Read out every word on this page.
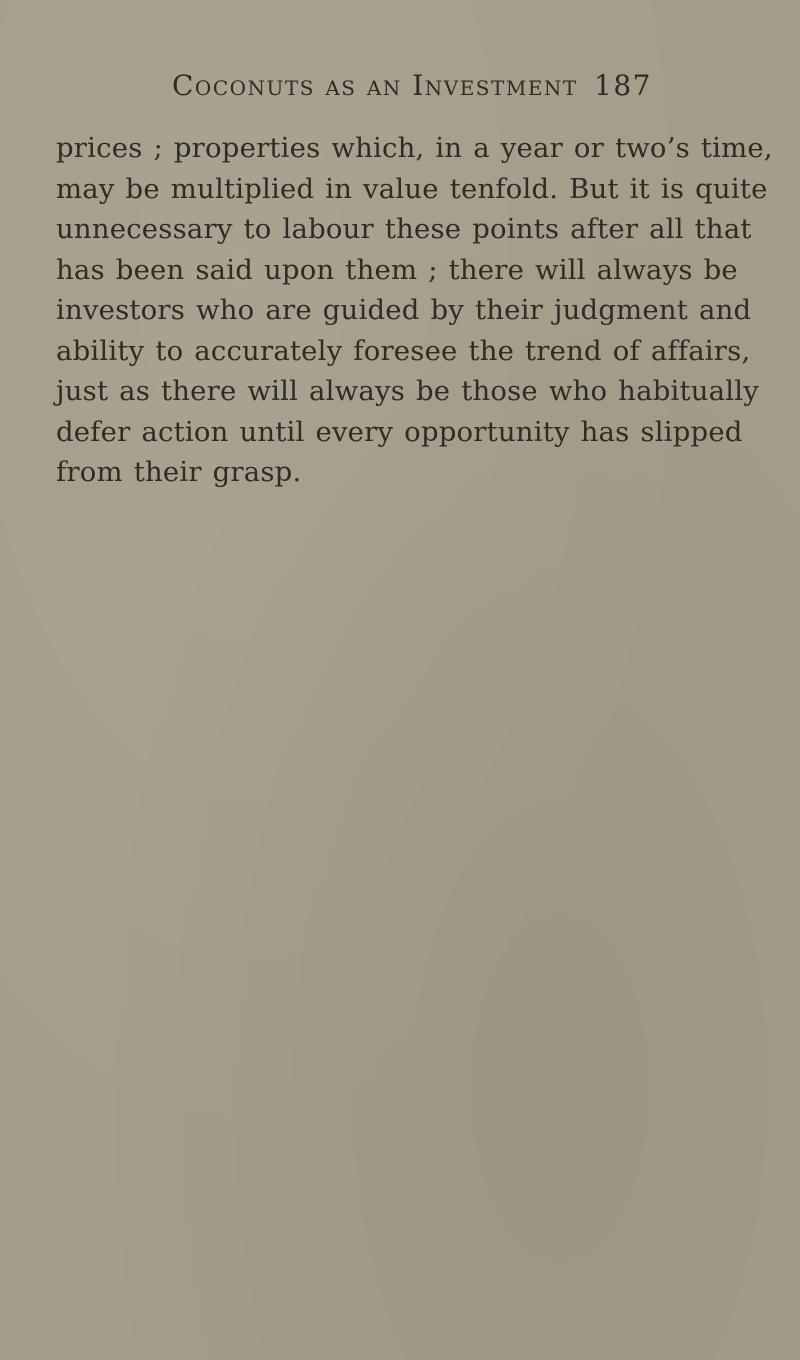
Coconuts as an Investment 187

prices ; properties which, in a year or two’s time,
may be multiplied in value tenfold. But it is quite
unnecessary to labour these points after all that
has been said upon them ; there will always be
investors who are guided by their judgment and
ability to accurately foresee the trend of affairs,
just as there will always be those who habitually
defer action until every opportunity has slipped
from their grasp.
